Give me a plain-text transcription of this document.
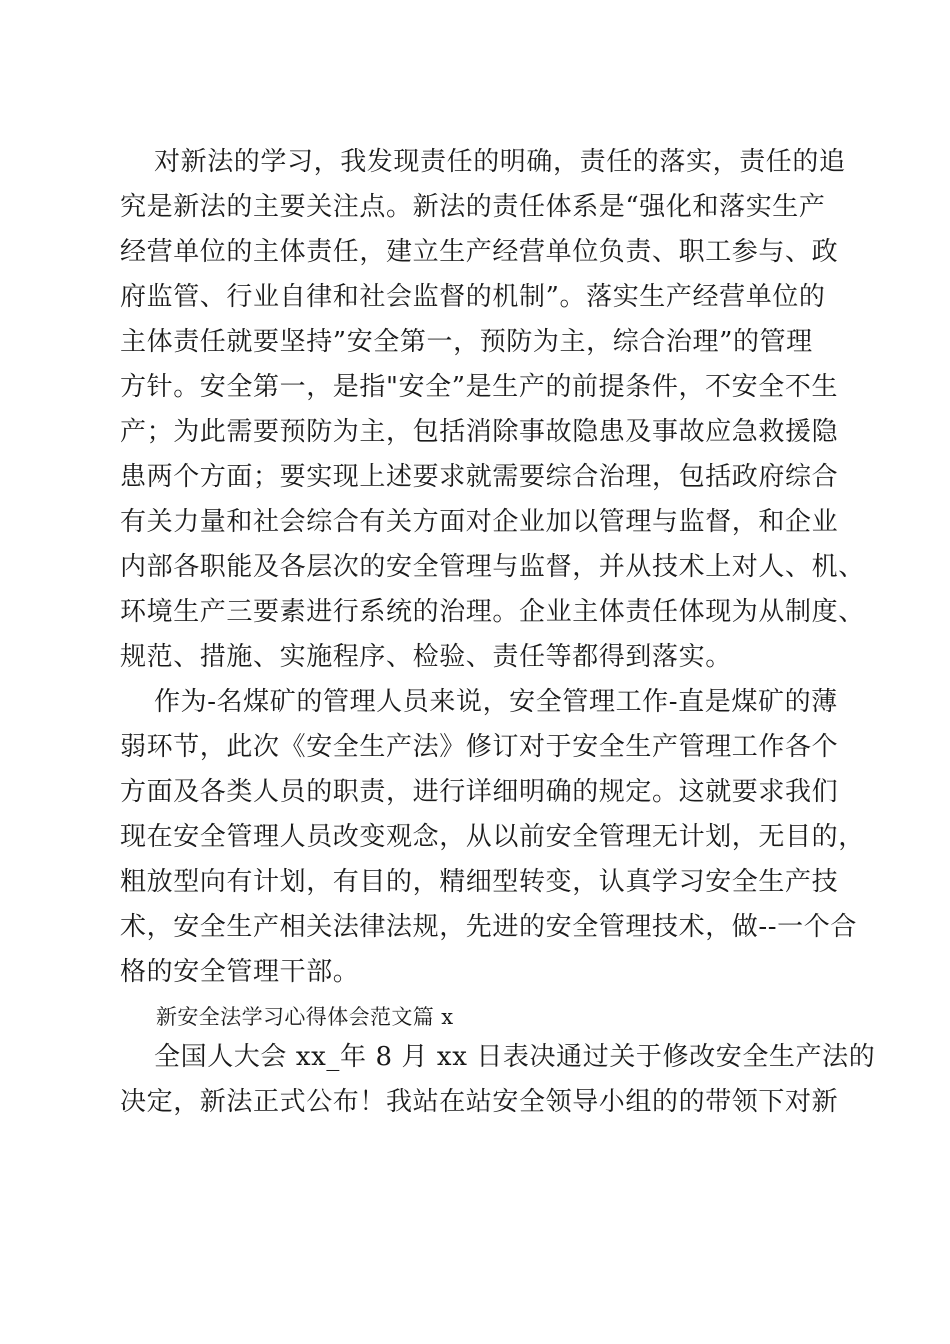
对新法的学习，我发现责任的明确，责任的落实，责任的追

究是新法的主要关注点。新法的责任体系是“强化和落实生产

经营单位的主体责任，建立生产经营单位负责、职工参与、政

府监管、行业自律和社会监督的机制”。落实生产经营单位的

主体责任就要坚持”安全第一，预防为主，综合治理”的管理

方针。安全第一，是指"安全”是生产的前提条件，不安全不生

产；为此需要预防为主，包括消除事故隐患及事故应急救援隐

患两个方面；要实现上述要求就需要综合治理，包括政府综合

有关力量和社会综合有关方面对企业加以管理与监督，和企业

内部各职能及各层次的安全管理与监督，并从技术上对人、机、

环境生产三要素进行系统的治理。企业主体责任体现为从制度、

规范、措施、实施程序、检验、责任等都得到落实。

作为-名煤矿的管理人员来说，安全管理工作-直是煤矿的薄

弱环节，此次《安全生产法》修订对于安全生产管理工作各个

方面及各类人员的职责，进行详细明确的规定。这就要求我们

现在安全管理人员改变观念，从以前安全管理无计划，无目的，

粗放型向有计划，有目的，精细型转变，认真学习安全生产技

术，安全生产相关法律法规，先进的安全管理技术，做--一个合

格的安全管理干部。

新安全法学习心得体会范文篇 x

全国人大会 xx_年 8 月 xx 日表决通过关于修改安全生产法的

决定，新法正式公布！我站在站安全领导小组的的带领下对新
